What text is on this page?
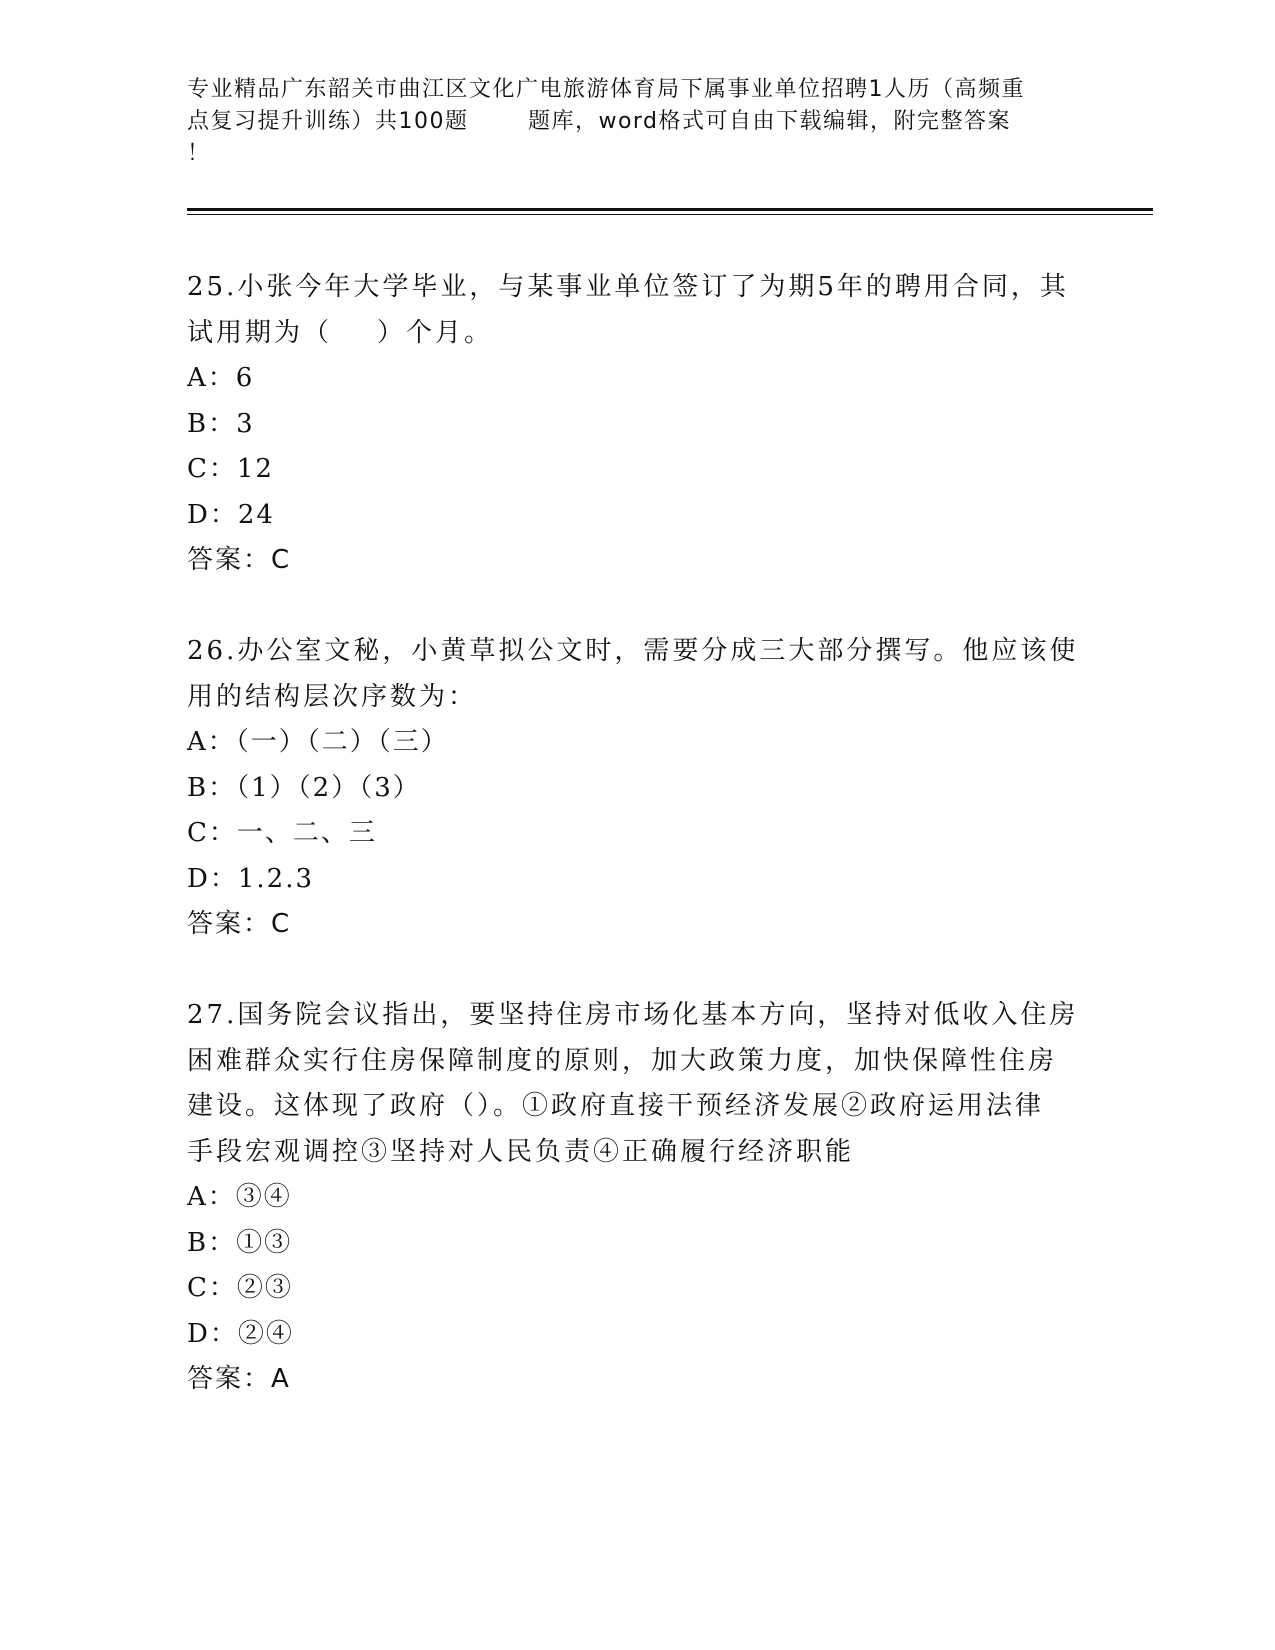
专业精品广东韶关市曲江区文化广电旅游体育局下属事业单位招聘1人历（高频重
点复习提升训练）共100题       题库，word格式可自由下载编辑，附完整答案
！
25.小张今年大学毕业，与某事业单位签订了为期5年的聘用合同，其
试用期为（    ）个月。
A：6
B：3
C：12
D：24
答案：C
26.办公室文秘，小黄草拟公文时，需要分成三大部分撰写。他应该使
用的结构层次序数为：
A：（一）（二）（三）
B：（1）（2）（3）
C：一、二、三
D：1.2.3
答案：C
27.国务院会议指出，要坚持住房市场化基本方向，坚持对低收入住房
困难群众实行住房保障制度的原则，加大政策力度，加快保障性住房
建设。这体现了政府（）。①政府直接干预经济发展②政府运用法律
手段宏观调控③坚持对人民负责④正确履行经济职能
A：③④
B：①③
C：②③
D：②④
答案：A
